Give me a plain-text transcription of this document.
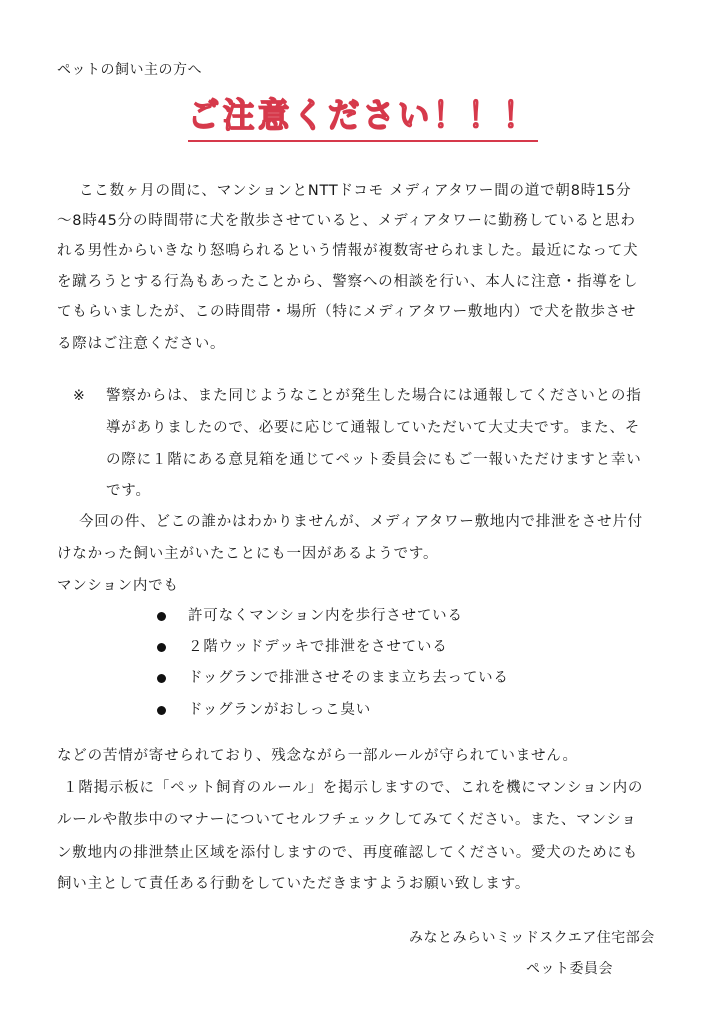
ペットの飼い主の方へ
ご注意ください！！！
ここ数ヶ月の間に、マンションとNTTドコモ メディアタワー間の道で朝8時15分
～8時45分の時間帯に犬を散歩させていると、メディアタワーに勤務していると思わ
れる男性からいきなり怒鳴られるという情報が複数寄せられました。最近になって犬
を蹴ろうとする行為もあったことから、警察への相談を行い、本人に注意・指導をし
てもらいましたが、この時間帯・場所（特にメディアタワー敷地内）で犬を散歩させ
る際はご注意ください。
※ 警察からは、また同じようなことが発生した場合には通報してくださいとの指
導がありましたので、必要に応じて通報していただいて大丈夫です。また、そ
の際に１階にある意見箱を通じてペット委員会にもご一報いただけますと幸い
です。
今回の件、どこの誰かはわかりませんが、メディアタワー敷地内で排泄をさせ片付
けなかった飼い主がいたことにも一因があるようです。
マンション内でも
許可なくマンション内を歩行させている
２階ウッドデッキで排泄をさせている
ドッグランで排泄させそのまま立ち去っている
ドッグランがおしっこ臭い
などの苦情が寄せられており、残念ながら一部ルールが守られていません。
１階掲示板に「ペット飼育のルール」を掲示しますので、これを機にマンション内の
ルールや散歩中のマナーについてセルフチェックしてみてください。また、マンショ
ン敷地内の排泄禁止区域を添付しますので、再度確認してください。愛犬のためにも
飼い主として責任ある行動をしていただきますようお願い致します。
みなとみらいミッドスクエア住宅部会
ペット委員会
